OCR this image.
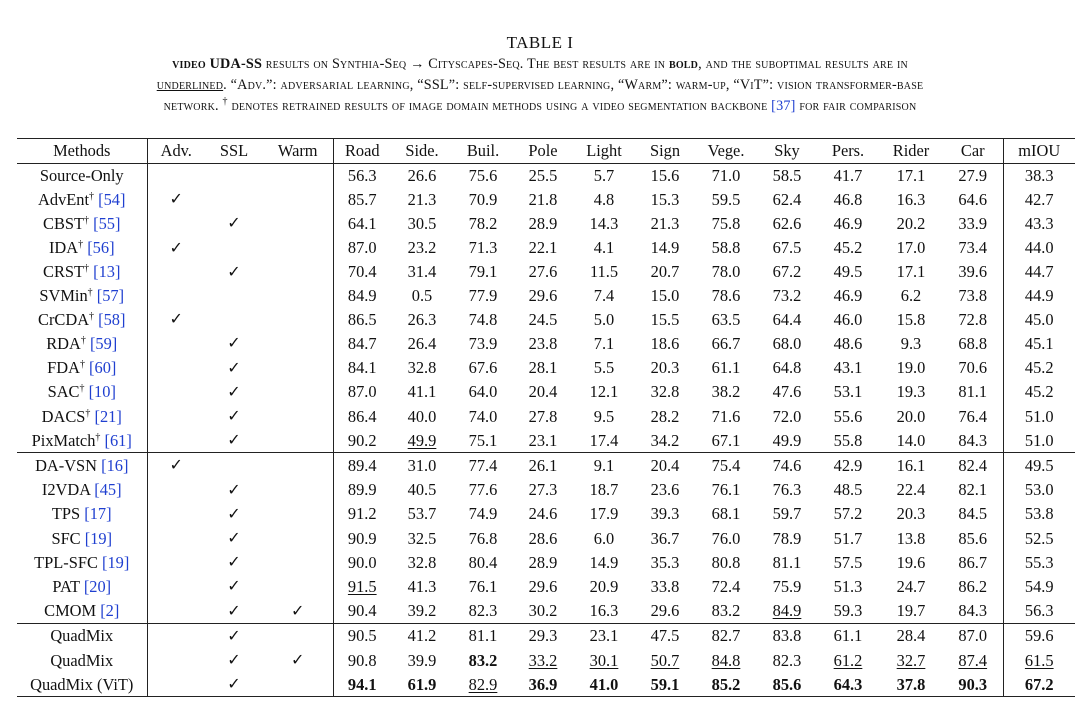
TABLE I
video UDA-SS results on Synthia-Seq → Cityscapes-Seq. The best results are in bold, and the suboptimal results are in
underlined. “Adv.”: adversarial learning, “SSL”: self-supervised learning, “Warm”: warm-up, “ViT”: vision transformer-base
network. † denotes retrained results of image domain methods using a video segmentation backbone [37] for fair comparison
Methods	Adv.	SSL	Warm	Road	Side.	Buil.	Pole	Light	Sign	Vege.	Sky	Pers.	Rider	Car	mIOU
Source-Only				56.3	26.6	75.6	25.5	5.7	15.6	71.0	58.5	41.7	17.1	27.9	38.3
AdvEnt† [54]	✓			85.7	21.3	70.9	21.8	4.8	15.3	59.5	62.4	46.8	16.3	64.6	42.7
CBST† [55]		✓		64.1	30.5	78.2	28.9	14.3	21.3	75.8	62.6	46.9	20.2	33.9	43.3
IDA† [56]	✓			87.0	23.2	71.3	22.1	4.1	14.9	58.8	67.5	45.2	17.0	73.4	44.0
CRST† [13]		✓		70.4	31.4	79.1	27.6	11.5	20.7	78.0	67.2	49.5	17.1	39.6	44.7
SVMin† [57]				84.9	0.5	77.9	29.6	7.4	15.0	78.6	73.2	46.9	6.2	73.8	44.9
CrCDA† [58]	✓			86.5	26.3	74.8	24.5	5.0	15.5	63.5	64.4	46.0	15.8	72.8	45.0
RDA† [59]		✓		84.7	26.4	73.9	23.8	7.1	18.6	66.7	68.0	48.6	9.3	68.8	45.1
FDA† [60]		✓		84.1	32.8	67.6	28.1	5.5	20.3	61.1	64.8	43.1	19.0	70.6	45.2
SAC† [10]		✓		87.0	41.1	64.0	20.4	12.1	32.8	38.2	47.6	53.1	19.3	81.1	45.2
DACS† [21]		✓		86.4	40.0	74.0	27.8	9.5	28.2	71.6	72.0	55.6	20.0	76.4	51.0
PixMatch† [61]		✓		90.2	49.9	75.1	23.1	17.4	34.2	67.1	49.9	55.8	14.0	84.3	51.0
DA-VSN [16]	✓			89.4	31.0	77.4	26.1	9.1	20.4	75.4	74.6	42.9	16.1	82.4	49.5
I2VDA [45]		✓		89.9	40.5	77.6	27.3	18.7	23.6	76.1	76.3	48.5	22.4	82.1	53.0
TPS [17]		✓		91.2	53.7	74.9	24.6	17.9	39.3	68.1	59.7	57.2	20.3	84.5	53.8
SFC [19]		✓		90.9	32.5	76.8	28.6	6.0	36.7	76.0	78.9	51.7	13.8	85.6	52.5
TPL-SFC [19]		✓		90.0	32.8	80.4	28.9	14.9	35.3	80.8	81.1	57.5	19.6	86.7	55.3
PAT [20]		✓		91.5	41.3	76.1	29.6	20.9	33.8	72.4	75.9	51.3	24.7	86.2	54.9
CMOM [2]		✓	✓	90.4	39.2	82.3	30.2	16.3	29.6	83.2	84.9	59.3	19.7	84.3	56.3
QuadMix		✓		90.5	41.2	81.1	29.3	23.1	47.5	82.7	83.8	61.1	28.4	87.0	59.6
QuadMix		✓	✓	90.8	39.9	83.2	33.2	30.1	50.7	84.8	82.3	61.2	32.7	87.4	61.5
QuadMix (ViT)		✓		94.1	61.9	82.9	36.9	41.0	59.1	85.2	85.6	64.3	37.8	90.3	67.2
